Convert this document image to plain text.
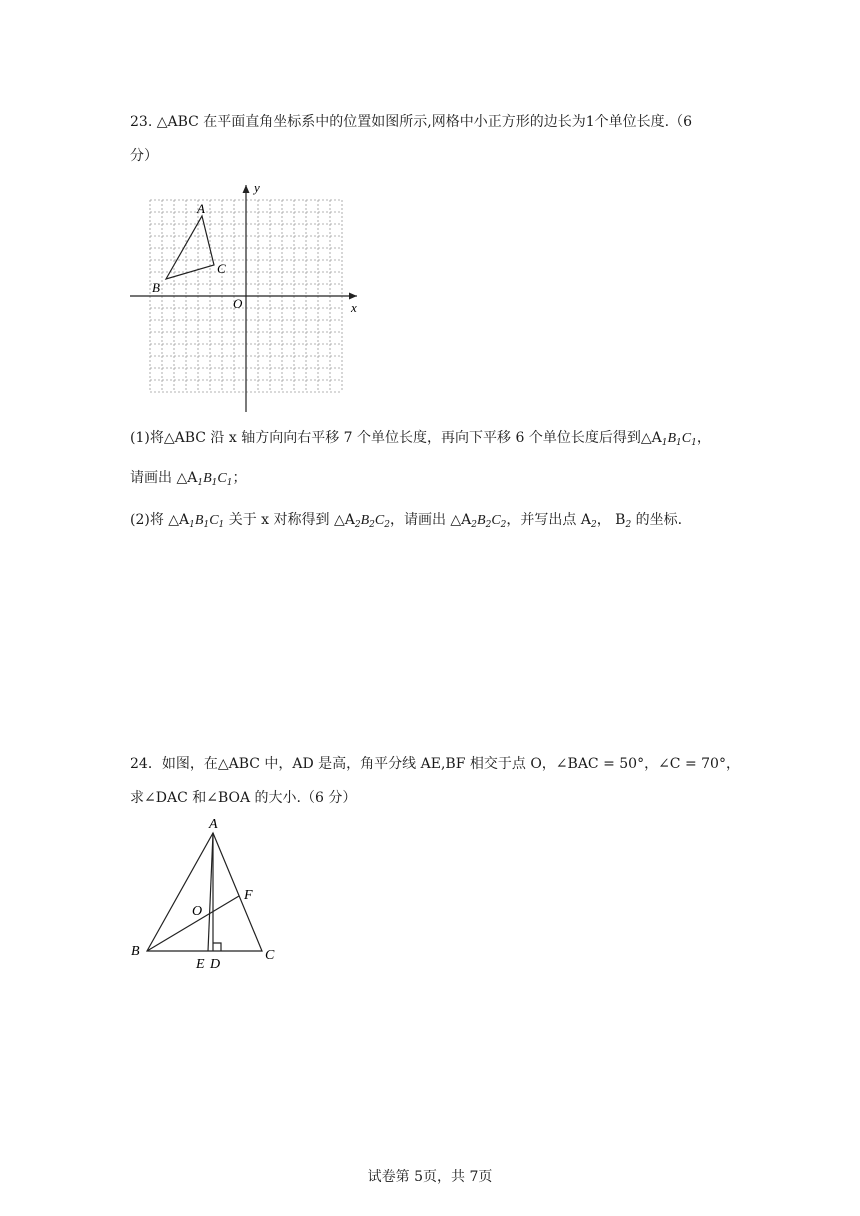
23. △ABC 在平面直角坐标系中的位置如图所示,网格中小正方形的边长为1个单位长度.（6
分）
y
x
O
A
B
C
(1)将△ABC 沿 x 轴方向向右平移 7 个单位长度，再向下平移 6 个单位长度后得到$\triangle A_1B_1C_1$，
请画出 $\triangle A_1B_1C_1$；
(2)将 $\triangle A_1B_1C_1$ 关于 x 对称得到 $\triangle A_2B_2C_2$，请画出 $\triangle A_2B_2C_2$，并写出点 $A_2$， $B_2$ 的坐标.
24．如图，在△ABC 中，AD 是高，角平分线 AE,BF 相交于点 O，∠BAC = 50°，∠C = 70°，
求∠DAC 和∠BOA 的大小.（6 分）
A
B	C
D
E
F
O
试卷第 5页，共 7页
